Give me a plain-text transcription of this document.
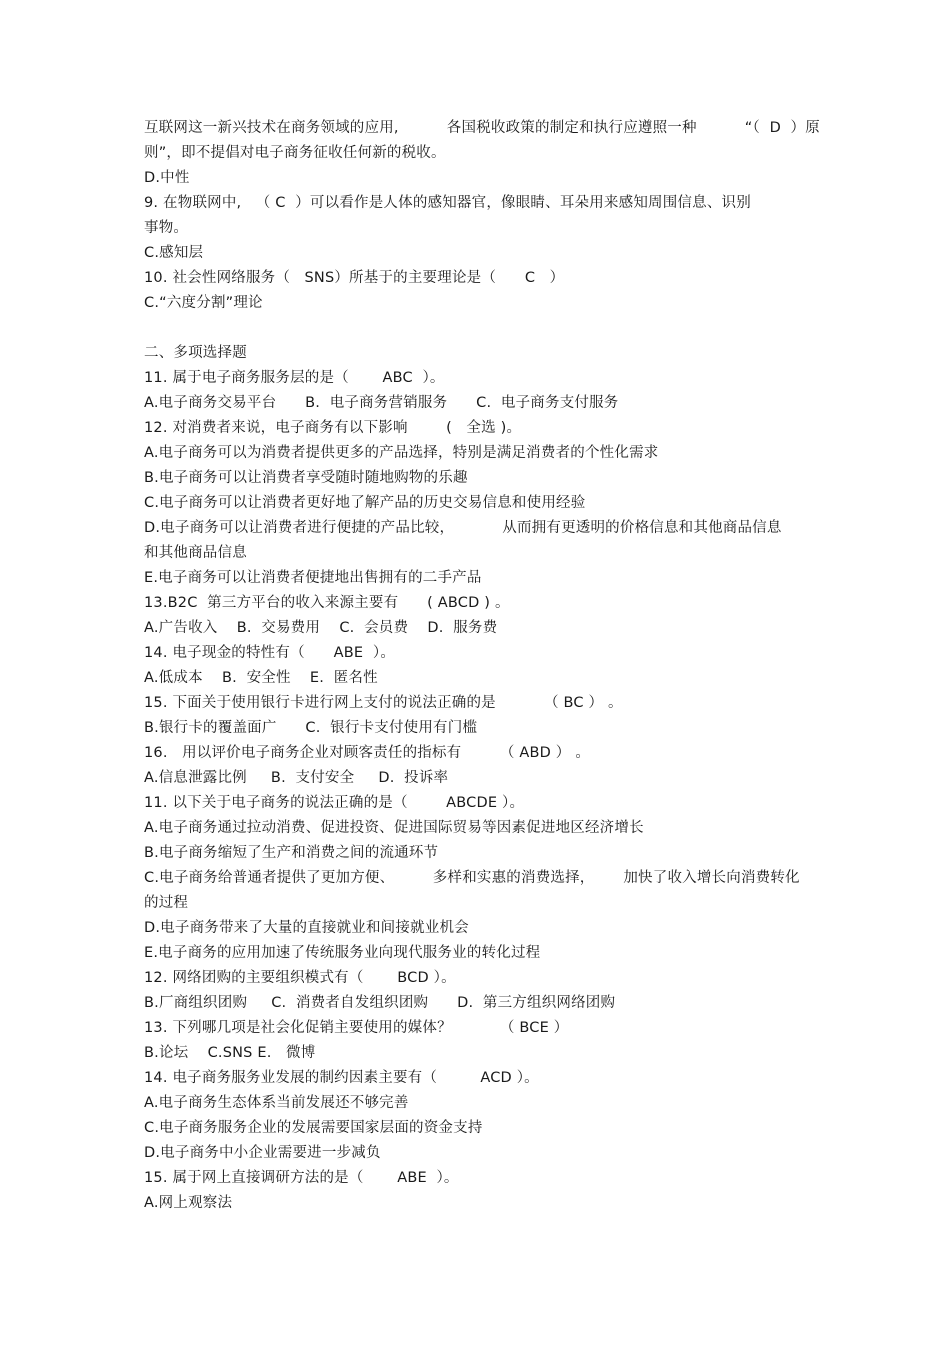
互联网这一新兴技术在商务领域的应用,          各国税收政策的制定和执行应遵照一种          “（  D  ）原
则”，即不提倡对电子商务征收任何新的税收。
D.中性
9. 在物联网中,   （ C  ）可以看作是人体的感知器官，像眼睛、耳朵用来感知周围信息、识别
事物。
C.感知层
10. 社会性网络服务（   SNS）所基于的主要理论是（      C   ）
C.“六度分割”理论
二、多项选择题
11. 属于电子商务服务层的是（       ABC  ）。
A.电子商务交易平台      B.  电子商务营销服务      C.  电子商务支付服务
12. 对消费者来说，电子商务有以下影响        (   全选 )。
A.电子商务可以为消费者提供更多的产品选择，特别是满足消费者的个性化需求
B.电子商务可以让消费者享受随时随地购物的乐趣
C.电子商务可以让消费者更好地了解产品的历史交易信息和使用经验
D.电子商务可以让消费者进行便捷的产品比较，          从而拥有更透明的价格信息和其他商品信息
和其他商品信息
E.电子商务可以让消费者便捷地出售拥有的二手产品
13.B2C  第三方平台的收入来源主要有      ( ABCD ) 。
A.广告收入    B.  交易费用    C.  会员费    D.  服务费
14. 电子现金的特性有（      ABE  ）。
A.低成本    B.  安全性    E.  匿名性
15. 下面关于使用银行卡进行网上支付的说法正确的是          （ BC ） 。
B.银行卡的覆盖面广      C.  银行卡支付使用有门槛
16.   用以评价电子商务企业对顾客责任的指标有        （ ABD ） 。
A.信息泄露比例     B.  支付安全     D.  投诉率
11. 以下关于电子商务的说法正确的是（        ABCDE ）。
A.电子商务通过拉动消费、促进投资、促进国际贸易等因素促进地区经济增长
B.电子商务缩短了生产和消费之间的流通环节
C.电子商务给普通者提供了更加方便、        多样和实惠的消费选择，      加快了收入增长向消费转化
的过程
D.电子商务带来了大量的直接就业和间接就业机会
E.电子商务的应用加速了传统服务业向现代服务业的转化过程
12. 网络团购的主要组织模式有（       BCD ）。
B.厂商组织团购     C.  消费者自发组织团购      D.  第三方组织网络团购
13. 下列哪几项是社会化促销主要使用的媒体？          （ BCE ）
B.论坛    C.SNS E.   微博
14. 电子商务服务业发展的制约因素主要有（         ACD ）。
A.电子商务生态体系当前发展还不够完善
C.电子商务服务企业的发展需要国家层面的资金支持
D.电子商务中小企业需要进一步减负
15. 属于网上直接调研方法的是（       ABE  ）。
A.网上观察法
